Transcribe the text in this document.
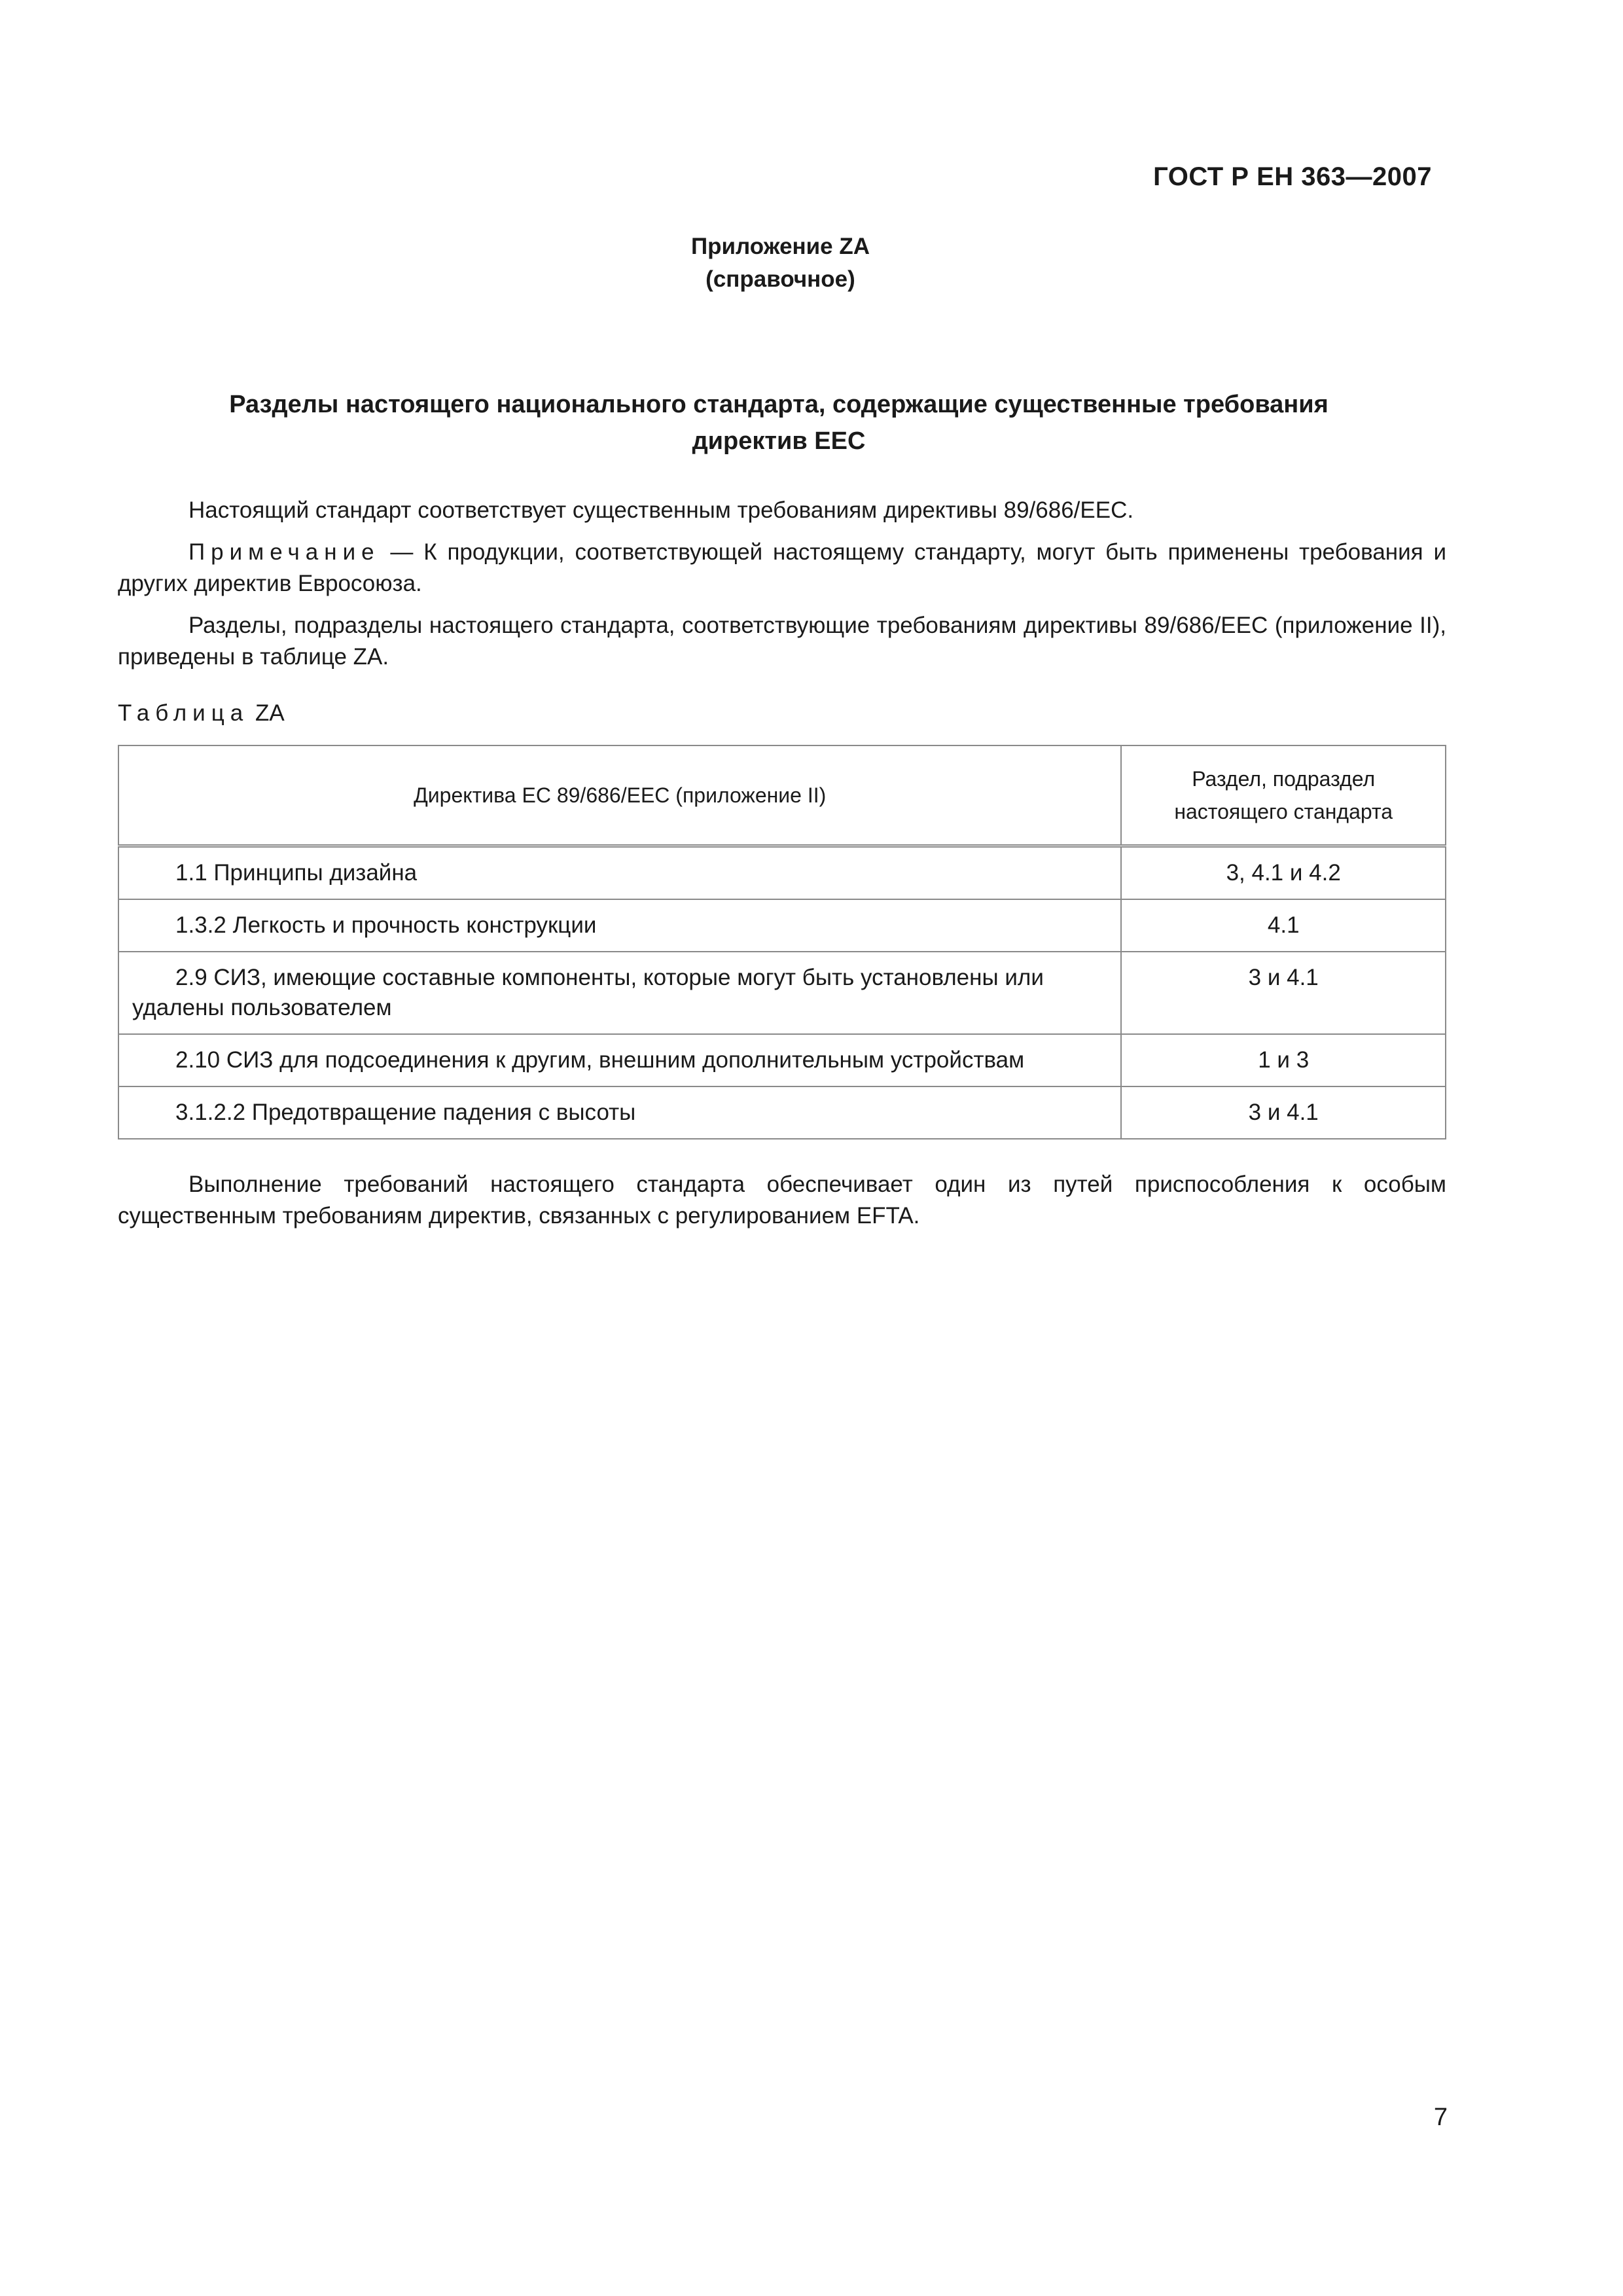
ГОСТ Р ЕН 363—2007
Приложение ZA
(справочное)
Разделы настоящего национального стандарта, содержащие существенные требования
директив ЕЕС

Настоящий стандарт соответствует существенным требованиям директивы 89/686/ЕЕС.

Примечание — К продукции, соответствующей настоящему стандарту, могут быть применены требования и других директив Евросоюза.

Разделы, подразделы настоящего стандарта, соответствующие требованиям директивы 89/686/ЕЕС (приложение II), приведены в таблице ZA.

Таблица ZA
Директива ЕС 89/686/ЕЕС (приложение II)	Раздел, подраздел
настоящего стандарта

1.1 Принципы дизайна	3, 4.1 и 4.2
1.3.2 Легкость и прочность конструкции	4.1
2.9 СИЗ, имеющие составные компоненты, которые могут быть установлены или
удалены пользователем	3 и 4.1
2.10 СИЗ для подсоединения к другим, внешним дополнительным устройствам	1 и 3
3.1.2.2 Предотвращение падения с высоты	3 и 4.1

Выполнение требований настоящего стандарта обеспечивает один из путей приспособления к особым существенным требованиям директив, связанных с регулированием EFTA.

7
